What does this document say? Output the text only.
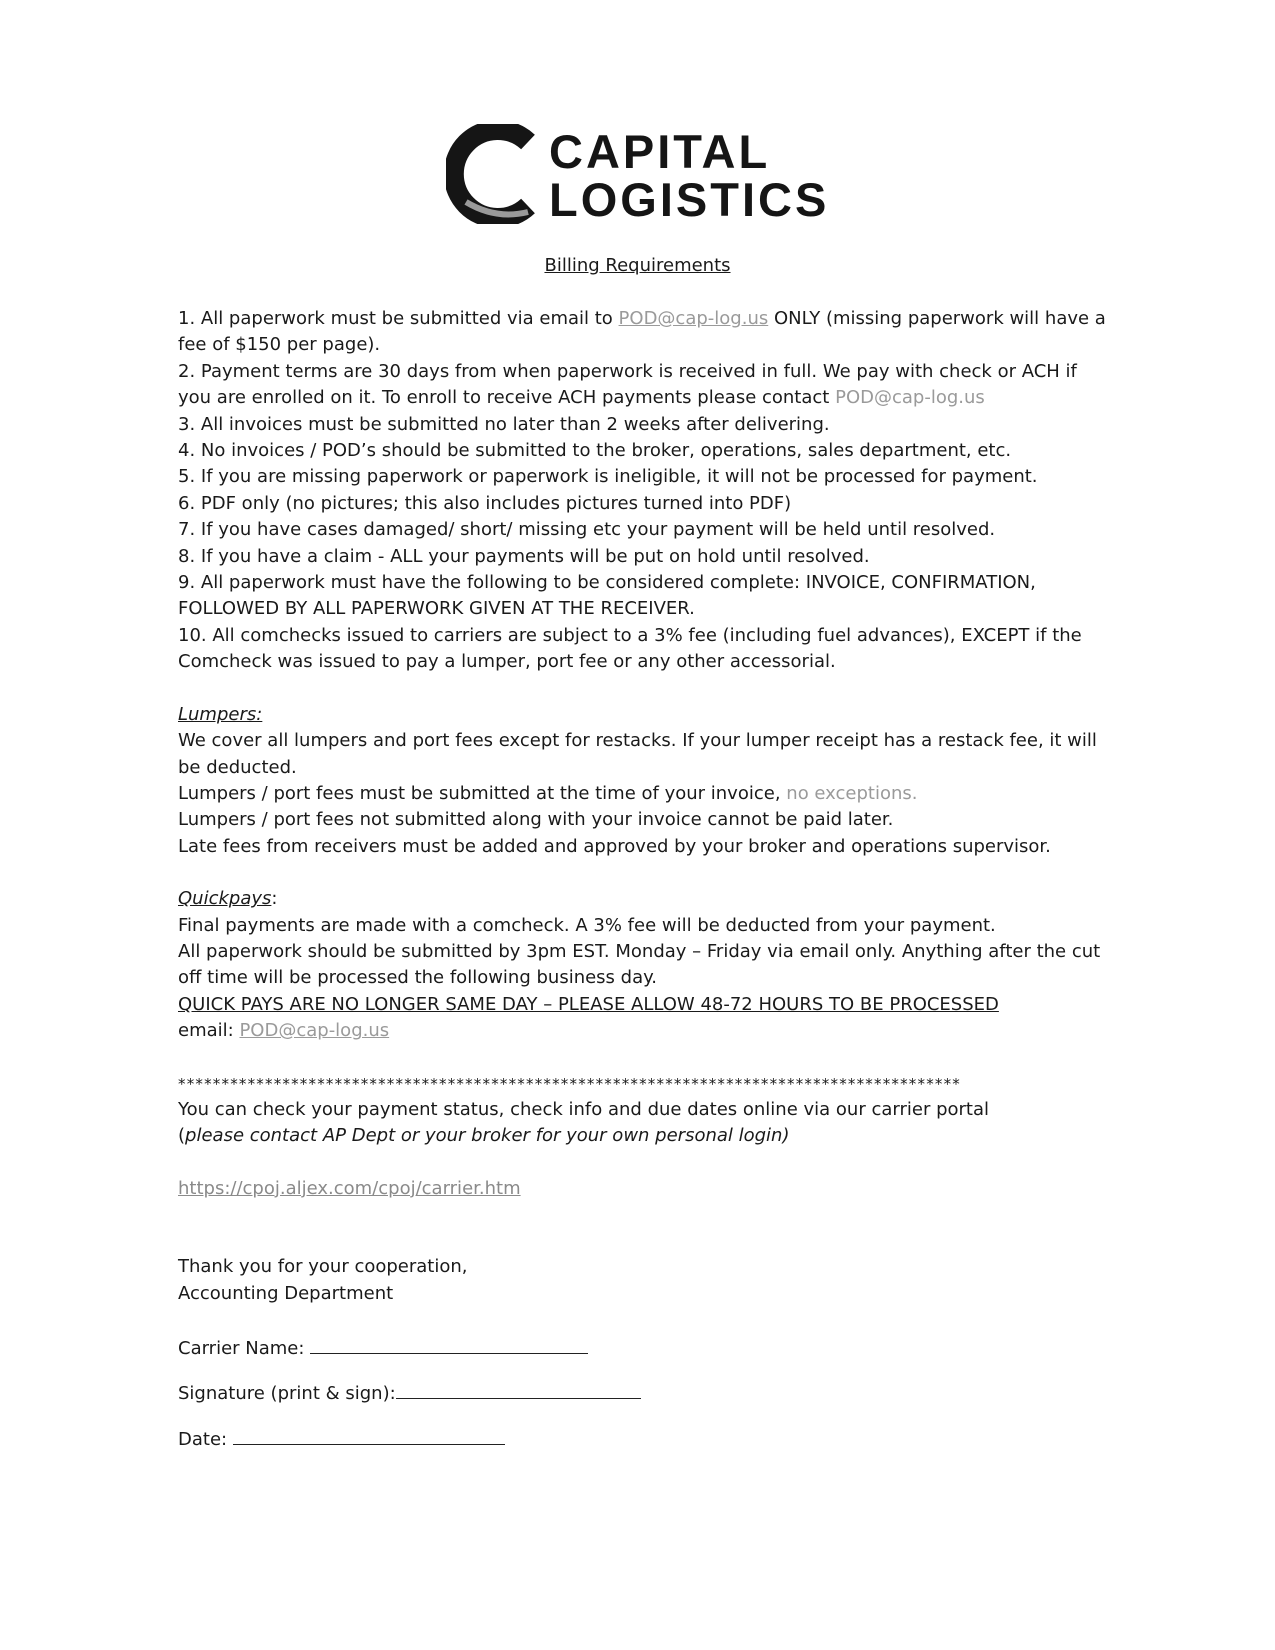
CAPITAL
LOGISTICS
Billing Requirements

1. All paperwork must be submitted via email to POD@cap-log.us ONLY (missing paperwork will have a fee of $150 per page).

2. Payment terms are 30 days from when paperwork is received in full. We pay with check or ACH if you are enrolled on it. To enroll to receive ACH payments please contact POD@cap-log.us

3. All invoices must be submitted no later than 2 weeks after delivering.

4. No invoices / POD’s should be submitted to the broker, operations, sales department, etc.

5. If you are missing paperwork or paperwork is ineligible, it will not be processed for payment.

6. PDF only (no pictures; this also includes pictures turned into PDF)

7. If you have cases damaged/ short/ missing etc your payment will be held until resolved.

8. If you have a claim - ALL your payments will be put on hold until resolved.

9. All paperwork must have the following to be considered complete: INVOICE, CONFIRMATION, FOLLOWED BY ALL PAPERWORK GIVEN AT THE RECEIVER.

10. All comchecks issued to carriers are subject to a 3% fee (including fuel advances), EXCEPT if the Comcheck was issued to pay a lumper, port fee or any other accessorial.

Lumpers:

We cover all lumpers and port fees except for restacks. If your lumper receipt has a restack fee, it will be deducted.

Lumpers / port fees must be submitted at the time of your invoice, no exceptions.

Lumpers / port fees not submitted along with your invoice cannot be paid later.

Late fees from receivers must be added and approved by your broker and operations supervisor.

Quickpays:

Final payments are made with a comcheck. A 3% fee will be deducted from your payment.

All paperwork should be submitted by 3pm EST. Monday – Friday via email only. Anything after the cut off time will be processed the following business day.

QUICK PAYS ARE NO LONGER SAME DAY – PLEASE ALLOW 48-72 HOURS TO BE PROCESSED

email: POD@cap-log.us

******************************************************************************************

You can check your payment status, check info and due dates online via our carrier portal

(please contact AP Dept or your broker for your own personal login)

https://cpoj.aljex.com/cpoj/carrier.htm

Thank you for your cooperation,

Accounting Department

Carrier Name:

Signature (print & sign):

Date:
